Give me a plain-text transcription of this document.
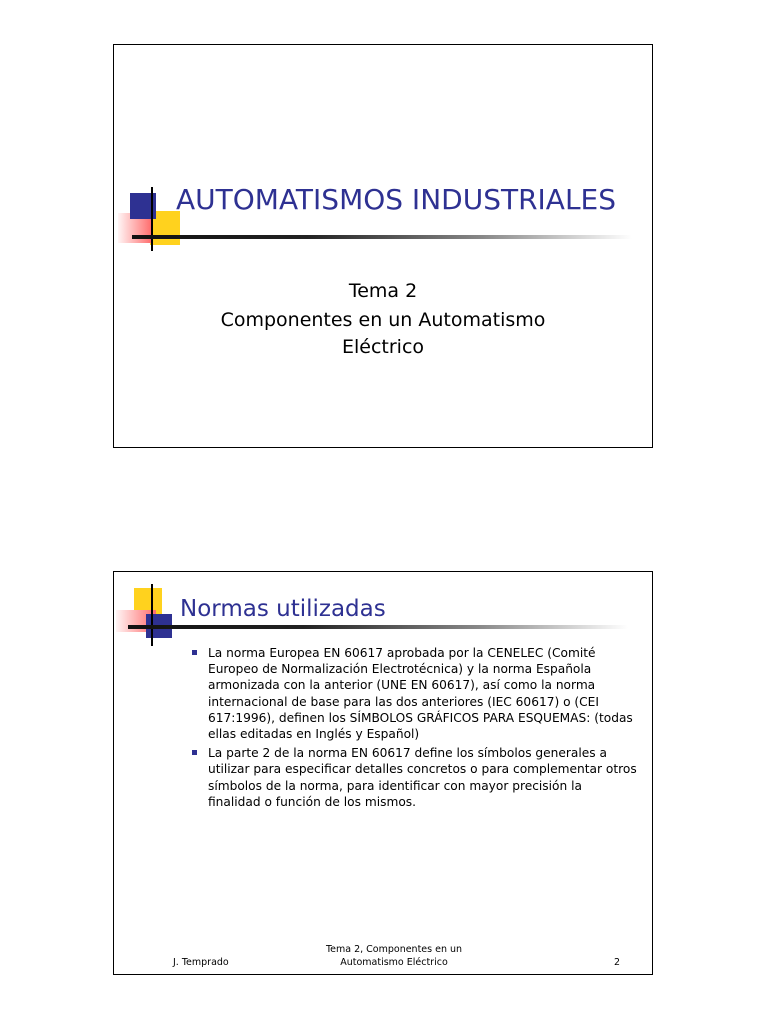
AUTOMATISMOS INDUSTRIALES
Tema 2
Componentes en un Automatismo
Eléctrico
Normas utilizadas
La norma Europea EN 60617 aprobada por la CENELEC (Comité Europeo de Normalización Electrotécnica) y la norma Española armonizada con la anterior (UNE EN 60617), así como la norma internacional de base para las dos anteriores (IEC 60617) o (CEI 617:1996), definen los SÍMBOLOS GRÁFICOS PARA ESQUEMAS: (todas ellas editadas en Inglés y Español)
La parte 2 de la norma EN 60617 define los símbolos generales a utilizar para especificar detalles concretos o para complementar otros símbolos de la norma, para identificar con mayor precisión la finalidad o función de los mismos.
J. Temprado
Tema 2, Componentes en un
Automatismo Eléctrico	2
